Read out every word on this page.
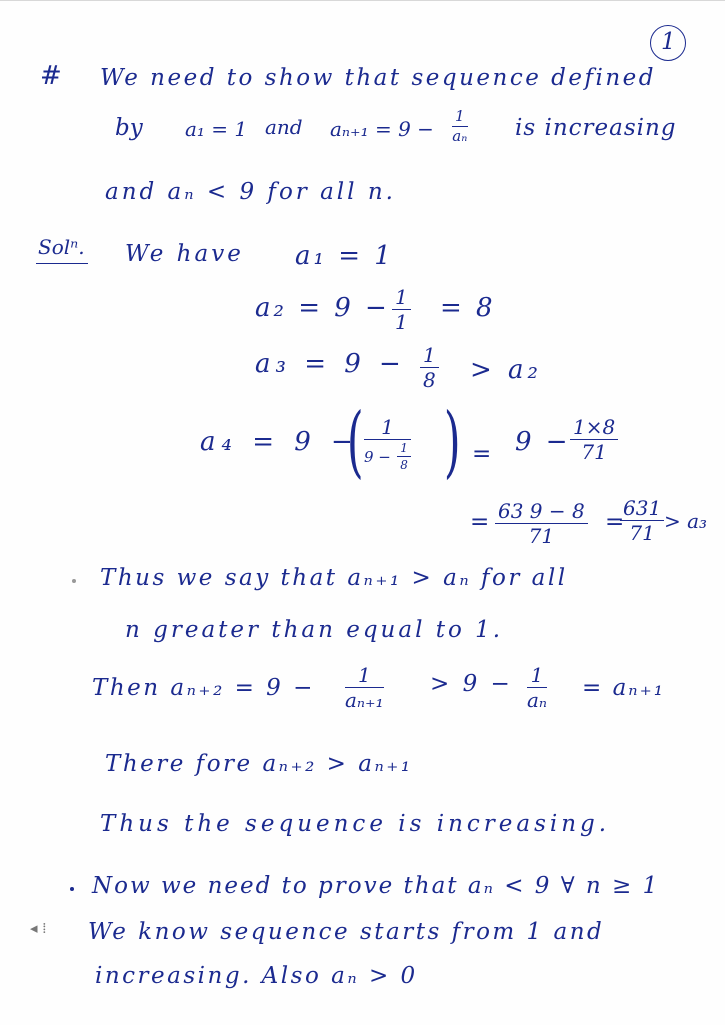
1
# We need to show that sequence defined
by a₁ = 1 and $a_{n+1} = 9 - \frac{1}{\text{aₙ}}$ is increasing
and aₙ < 9 for all n.
Solⁿ. We have a₁ = 1
$a_2 = 9 - \frac{1}{1} = 8$
$a_3 = 9 - \frac{1}{8} > a_2$
a₄ = 9 −
( $\frac{1}{9 - \frac{1}{8}}$ ) = $9 - \frac{1\times 8}{71}$
= $\frac{63 9 - 8}{71}$ =
$\frac{631}{71} > a_3$
Thus we say that aₙ₊₁ > aₙ for all
n greater than equal to 1.
Then $a_{n+2} = 9 - \frac{1}{\text{aₙ₊₁}} > 9 - \frac{1}{\text{aₙ}} = a_{n+1}$
There fore aₙ₊₂ > aₙ₊₁
Thus the sequence is increasing.
Now we need to prove that aₙ < 9 ∀ n ≥ 1
◂ ⁞ We know sequence starts from 1 and
increasing. Also aₙ > 0
